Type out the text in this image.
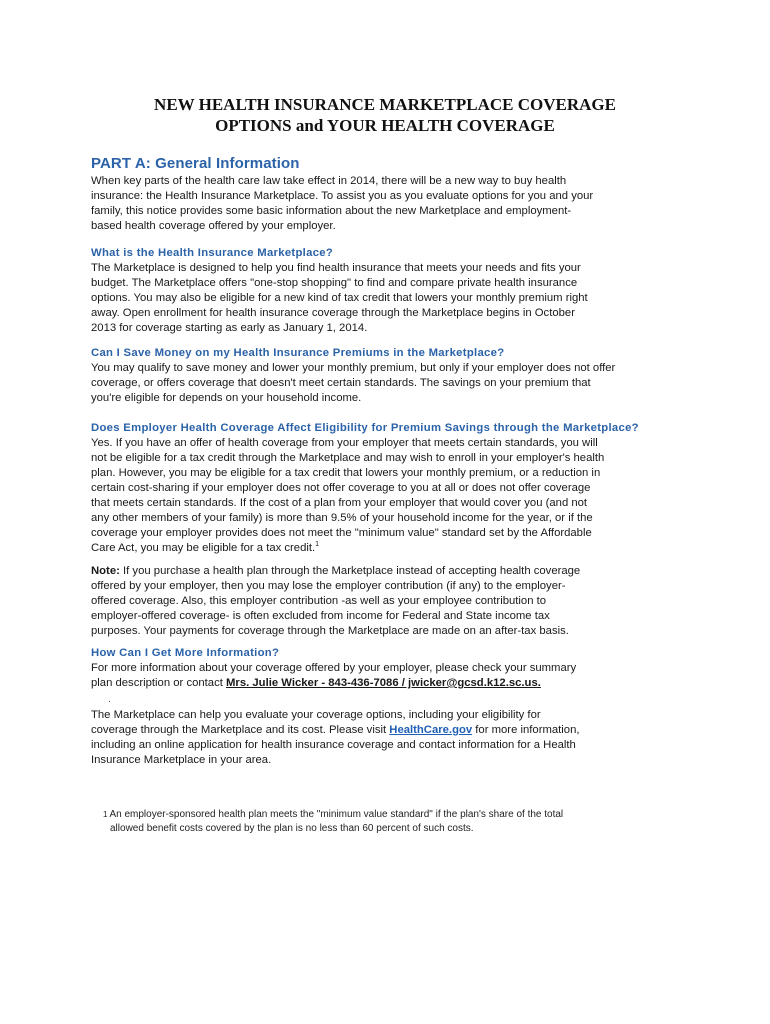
NEW HEALTH INSURANCE MARKETPLACE COVERAGE
OPTIONS and YOUR HEALTH COVERAGE
PART A: General Information
When key parts of the health care law take effect in 2014, there will be a new way to buy health
insurance: the Health Insurance Marketplace. To assist you as you evaluate options for you and your
family, this notice provides some basic information about the new Marketplace and employment-
based health coverage offered by your employer.
What is the Health Insurance Marketplace?
The Marketplace is designed to help you find health insurance that meets your needs and fits your
budget. The Marketplace offers "one-stop shopping" to find and compare private health insurance
options. You may also be eligible for a new kind of tax credit that lowers your monthly premium right
away. Open enrollment for health insurance coverage through the Marketplace begins in October
2013 for coverage starting as early as January 1, 2014.
Can I Save Money on my Health Insurance Premiums in the Marketplace?
You may qualify to save money and lower your monthly premium, but only if your employer does not offer
coverage, or offers coverage that doesn't meet certain standards. The savings on your premium that
you're eligible for depends on your household income.
Does Employer Health Coverage Affect Eligibility for Premium Savings through the Marketplace?
Yes. If you have an offer of health coverage from your employer that meets certain standards, you will
not be eligible for a tax credit through the Marketplace and may wish to enroll in your employer's health
plan. However, you may be eligible for a tax credit that lowers your monthly premium, or a reduction in
certain cost-sharing if your employer does not offer coverage to you at all or does not offer coverage
that meets certain standards. If the cost of a plan from your employer that would cover you (and not
any other members of your family) is more than 9.5% of your household income for the year, or if the
coverage your employer provides does not meet the "minimum value" standard set by the Affordable
Care Act, you may be eligible for a tax credit.$^1$
Note: If you purchase a health plan through the Marketplace instead of accepting health coverage
offered by your employer, then you may lose the employer contribution (if any) to the employer-
offered coverage. Also, this employer contribution -as well as your employee contribution to
employer-offered coverage- is often excluded from income for Federal and State income tax
purposes. Your payments for coverage through the Marketplace are made on an after-tax basis.
How Can I Get More Information?
For more information about your coverage offered by your employer, please check your summary
plan description or contact Mrs. Julie Wicker - 843-436-7086 / jwicker@gcsd.k12.sc.us.
.
The Marketplace can help you evaluate your coverage options, including your eligibility for
coverage through the Marketplace and its cost. Please visit HealthCare.gov for more information,
including an online application for health insurance coverage and contact information for a Health
Insurance Marketplace in your area.
$^1$ An employer-sponsored health plan meets the "minimum value standard" if the plan's share of the total
allowed benefit costs covered by the plan is no less than 60 percent of such costs.
